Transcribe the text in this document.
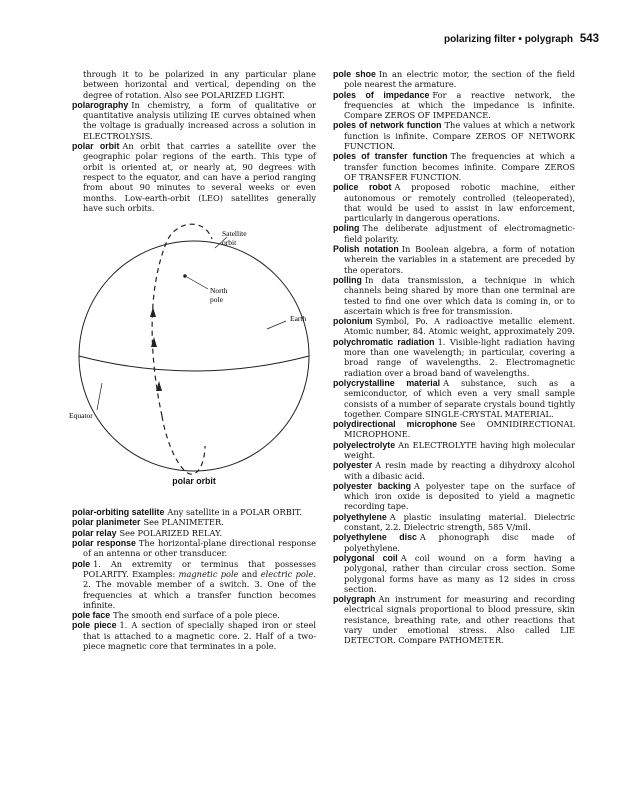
polarizing filter • polygraph 543

through it to be polarized in any particular plane between horizontal and vertical, depending on the degree of rotation. Also see POLARIZED LIGHT.

polarography In chemistry, a form of qualitative or quantitative analysis utilizing IE curves obtained when the voltage is gradually increased across a solution in ELECTROLYSIS.

polar orbit An orbit that carries a satellite over the geographic polar regions of the earth. This type of orbit is oriented at, or nearly at, 90 degrees with respect to the equator, and can have a period ranging from about 90 minutes to several weeks or even months. Low-earth-orbit (LEO) satellites generally have such orbits.

Satellite
orbit
North
pole
Earth
Equator
polar orbit

polar-orbiting satellite Any satellite in a POLAR ORBIT.

polar planimeter See PLANIMETER.

polar relay See POLARIZED RELAY.

polar response The horizontal-plane directional response of an antenna or other transducer.

pole 1. An extremity or terminus that possesses POLARITY. Examples: magnetic pole and electric pole. 2. The movable member of a switch. 3. One of the frequencies at which a transfer function becomes infinite.

pole face The smooth end surface of a pole piece.

pole piece 1. A section of specially shaped iron or steel that is attached to a magnetic core. 2. Half of a two-piece magnetic core that terminates in a pole.

pole shoe In an electric motor, the section of the field pole nearest the armature.

poles of impedance For a reactive network, the frequencies at which the impedance is infinite. Compare ZEROS OF IMPEDANCE.

poles of network function The values at which a network function is infinite. Compare ZEROS OF NETWORK FUNCTION.

poles of transfer function The frequencies at which a transfer function becomes infinite. Compare ZEROS OF TRANSFER FUNCTION.

police robot A proposed robotic machine, either autonomous or remotely controlled (teleoperated), that would be used to assist in law enforcement, particularly in dangerous operations.

poling The deliberate adjustment of electromagnetic-field polarity.

Polish notation In Boolean algebra, a form of notation wherein the variables in a statement are preceded by the operators.

polling In data transmission, a technique in which channels being shared by more than one terminal are tested to find one over which data is coming in, or to ascertain which is free for transmission.

polonium Symbol, Po. A radioactive metallic element. Atomic number, 84. Atomic weight, approximately 209.

polychromatic radiation 1. Visible-light radiation having more than one wavelength; in particular, covering a broad range of wavelengths. 2. Electromagnetic radiation over a broad band of wavelengths.

polycrystalline material A substance, such as a semiconductor, of which even a very small sample consists of a number of separate crystals bound tightly together. Compare SINGLE-CRYSTAL MATERIAL.

polydirectional microphone See OMNIDIRECTIONAL MICROPHONE.

polyelectrolyte An ELECTROLYTE having high molecular weight.

polyester A resin made by reacting a dihydroxy alcohol with a dibasic acid.

polyester backing A polyester tape on the surface of which iron oxide is deposited to yield a magnetic recording tape.

polyethylene A plastic insulating material. Dielectric constant, 2.2. Dielectric strength, 585 V/mil.

polyethylene disc A phonograph disc made of polyethylene.

polygonal coil A coil wound on a form having a polygonal, rather than circular cross section. Some polygonal forms have as many as 12 sides in cross section.

polygraph An instrument for measuring and recording electrical signals proportional to blood pressure, skin resistance, breathing rate, and other reactions that vary under emotional stress. Also called LIE DETECTOR. Compare PATHOMETER.
